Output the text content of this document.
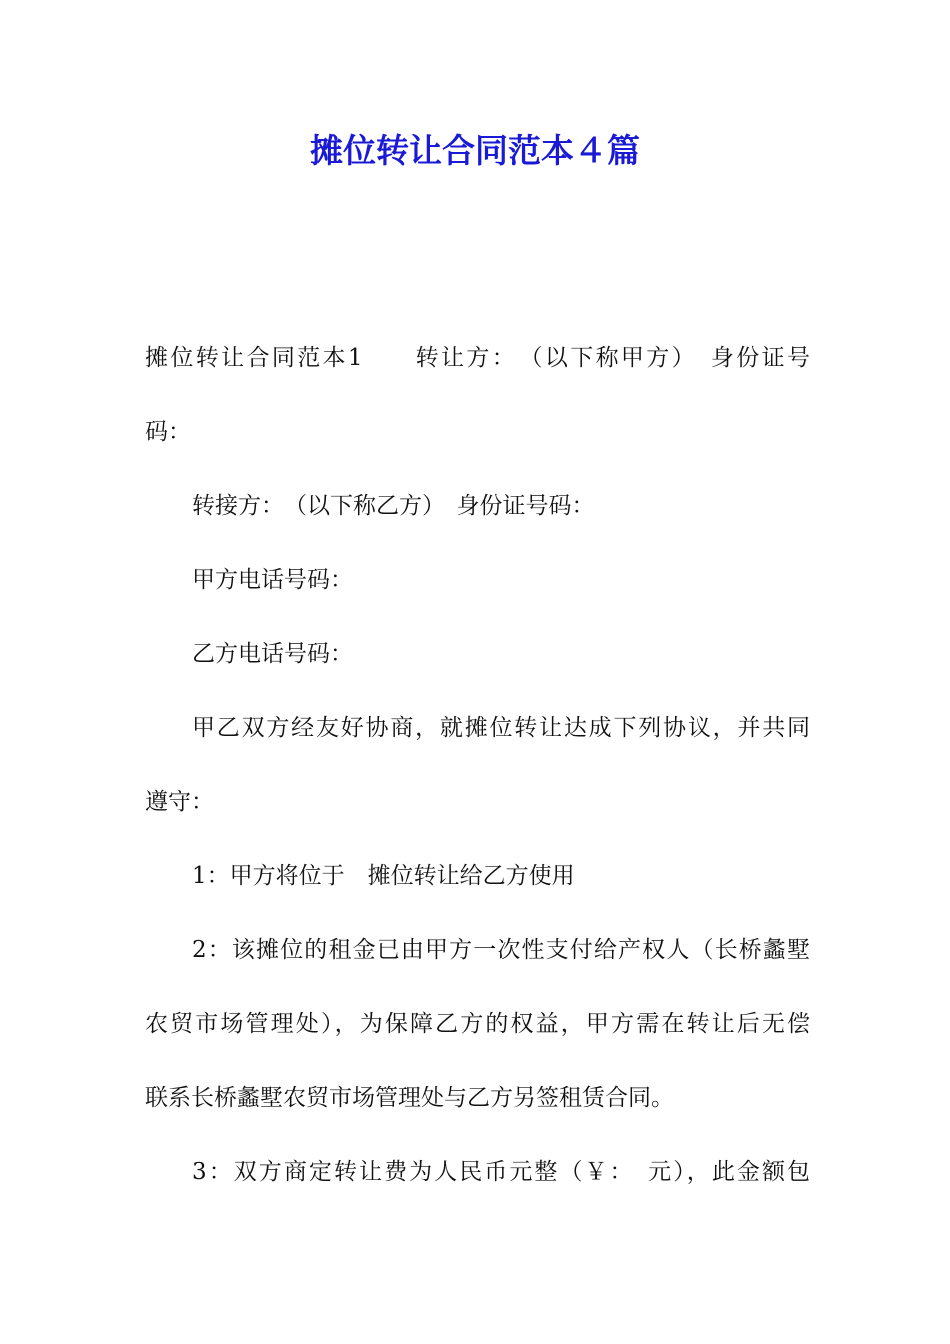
摊位转让合同范本４篇
摊位转让合同范本1　　转让方：　（以下称甲方）　身份证号
码：
转接方：　（以下称乙方）　身份证号码：
甲方电话号码：
乙方电话号码：
甲乙双方经友好协商，就摊位转让达成下列协议，并共同
遵守：
1：甲方将位于　摊位转让给乙方使用
2：该摊位的租金已由甲方一次性支付给产权人（长桥蠡墅
农贸市场管理处），为保障乙方的权益，甲方需在转让后无偿
联系长桥蠡墅农贸市场管理处与乙方另签租赁合同。
3：双方商定转让费为人民币元整（￥：　元），此金额包
